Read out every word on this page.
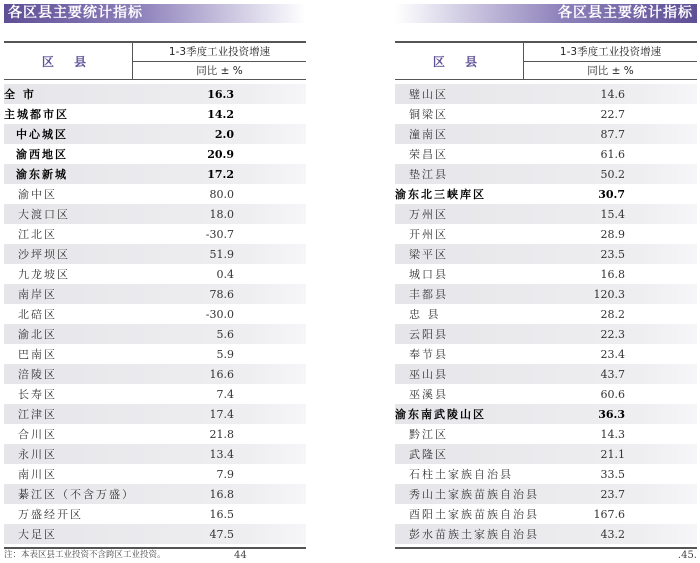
各区县主要统计指标
区 县
1-3季度工业投资增速
同比 ± %
全 市	16.3
主城都市区	14.2
中心城区	2.0
渝西地区	20.9
渝东新城	17.2
渝中区	80.0
大渡口区	18.0
江北区	-30.7
沙坪坝区	51.9
九龙坡区	0.4
南岸区	78.6
北碚区	-30.0
渝北区	5.6
巴南区	5.9
涪陵区	16.6
长寿区	7.4
江津区	17.4
合川区	21.8
永川区	13.4
南川区	7.9
綦江区（不含万盛）	16.8
万盛经开区	16.5
大足区	47.5
注：本表区县工业投资不含跨区工业投资。	44
各区县主要统计指标
区 县
1-3季度工业投资增速
同比 ± %
璧山区	14.6
铜梁区	22.7
潼南区	87.7
荣昌区	61.6
垫江县	50.2
渝东北三峡库区	30.7
万州区	15.4
开州区	28.9
梁平区	23.5
城口县	16.8
丰都县	120.3
忠 县	28.2
云阳县	22.3
奉节县	23.4
巫山县	43.7
巫溪县	60.6
渝东南武陵山区	36.3
黔江区	14.3
武隆区	21.1
石柱土家族自治县	33.5
秀山土家族苗族自治县	23.7
酉阳土家族苗族自治县	167.6
彭水苗族土家族自治县	43.2
.45.
